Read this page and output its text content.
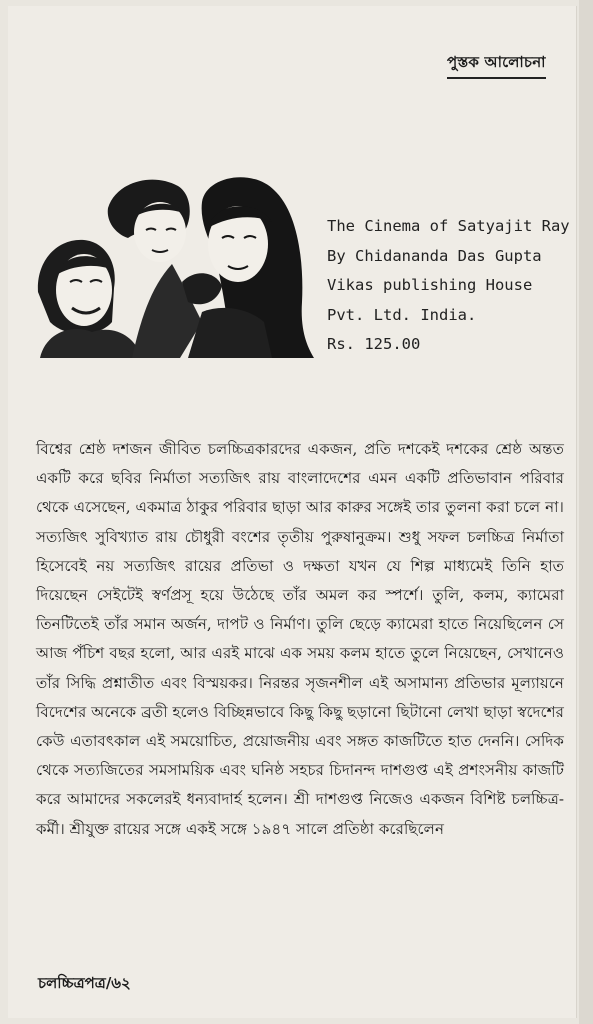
পুস্তক আলোচনা
The Cinema of Satyajit Ray
By Chidananda Das Gupta
Vikas publishing House
Pvt. Ltd. India.
Rs. 125.00
বিশ্বের শ্রেষ্ঠ দশজন জীবিত চলচ্চিত্রকারদের একজন, প্রতি দশকেই দশকের শ্রেষ্ঠ অন্তত একটি করে ছবির নির্মাতা সত্যজিৎ রায় বাংলাদেশের এমন একটি প্রতিভাবান পরিবার থেকে এসেছেন, একমাত্র ঠাকুর পরিবার ছাড়া আর কারুর সঙ্গেই তার তুলনা করা চলে না। সত্যজিৎ সুবিখ্যাত রায় চৌধুরী বংশের তৃতীয় পুরুষানুক্রম। শুধু সফল চলচ্চিত্র নির্মাতা হিসেবেই নয় সত্যজিৎ রায়ের প্রতিভা ও দক্ষতা যখন যে শিল্প মাধ্যমেই তিনি হাত দিয়েছেন সেইটেই স্বর্ণপ্রসূ হয়ে উঠেছে তাঁর অমল কর স্পর্শে। তুলি, কলম, ক্যামেরা তিনটিতেই তাঁর সমান অর্জন, দাপট ও নির্মাণ। তুলি ছেড়ে ক্যামেরা হাতে নিয়েছিলেন সে আজ পঁচিশ বছর হলো, আর এরই মাঝে এক সময় কলম হাতে তুলে নিয়েছেন, সেখানেও তাঁর সিদ্ধি প্রশ্নাতীত এবং বিস্ময়কর। নিরন্তর সৃজনশীল এই অসামান্য প্রতিভার মূল্যায়নে বিদেশের অনেকে ব্রতী হলেও বিচ্ছিন্নভাবে কিছু কিছু ছড়ানো ছিটানো লেখা ছাড়া স্বদেশের কেউ এতাবৎকাল এই সময়োচিত, প্রয়োজনীয় এবং সঙ্গত কাজটিতে হাত দেননি। সেদিক থেকে সত্যজিতের সমসাময়িক এবং ঘনিষ্ঠ সহচর চিদানন্দ দাশগুপ্ত এই প্রশংসনীয় কাজটি করে আমাদের সকলেরই ধন্যবাদার্হ হলেন। শ্রী দাশগুপ্ত নিজেও একজন বিশিষ্ট চলচ্চিত্র-কর্মী। শ্রীযুক্ত রায়ের সঙ্গে একই সঙ্গে ১৯৪৭ সালে প্রতিষ্ঠা করেছিলেন
চলচ্চিত্রপত্র/৬২
